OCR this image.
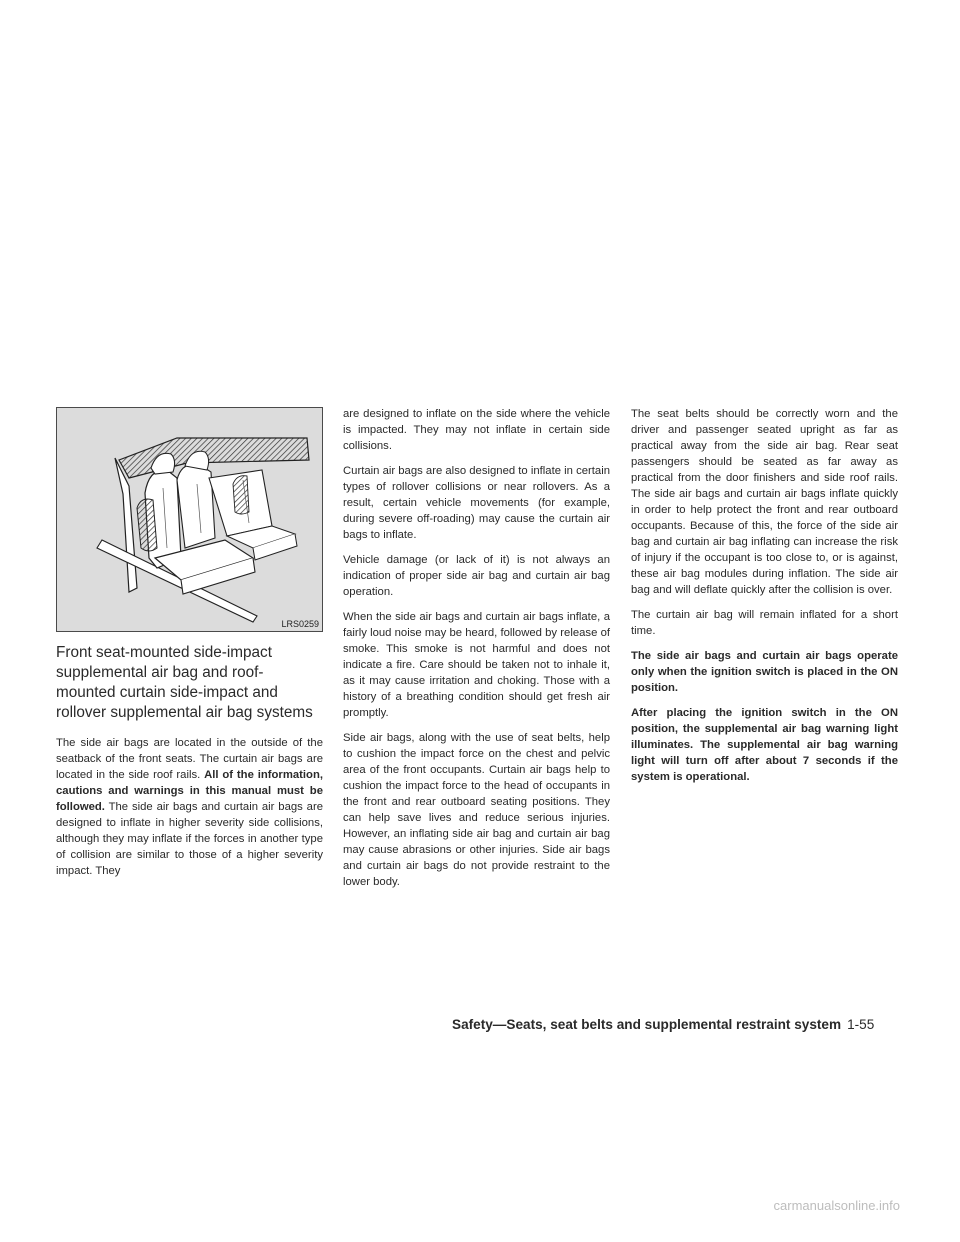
LRS0259
Front seat-mounted side-impact supplemental air bag and roof-mounted curtain side-impact and rollover supplemental air bag systems

The side air bags are located in the outside of the seatback of the front seats. The curtain air bags are located in the side roof rails. All of the information, cautions and warnings in this manual must be followed. The side air bags and curtain air bags are designed to inflate in higher severity side collisions, although they may inflate if the forces in another type of collision are similar to those of a higher severity impact. They

are designed to inflate on the side where the vehicle is impacted. They may not inflate in certain side collisions.

Curtain air bags are also designed to inflate in certain types of rollover collisions or near rollovers. As a result, certain vehicle movements (for example, during severe off-roading) may cause the curtain air bags to inflate.

Vehicle damage (or lack of it) is not always an indication of proper side air bag and curtain air bag operation.

When the side air bags and curtain air bags inflate, a fairly loud noise may be heard, followed by release of smoke. This smoke is not harmful and does not indicate a fire. Care should be taken not to inhale it, as it may cause irritation and choking. Those with a history of a breathing condition should get fresh air promptly.

Side air bags, along with the use of seat belts, help to cushion the impact force on the chest and pelvic area of the front occupants. Curtain air bags help to cushion the impact force to the head of occupants in the front and rear outboard seating positions. They can help save lives and reduce serious injuries. However, an inflating side air bag and curtain air bag may cause abrasions or other injuries. Side air bags and curtain air bags do not provide restraint to the lower body.

The seat belts should be correctly worn and the driver and passenger seated upright as far as practical away from the side air bag. Rear seat passengers should be seated as far away as practical from the door finishers and side roof rails. The side air bags and curtain air bags inflate quickly in order to help protect the front and rear outboard occupants. Because of this, the force of the side air bag and curtain air bag inflating can increase the risk of injury if the occupant is too close to, or is against, these air bag modules during inflation. The side air bag and will deflate quickly after the collision is over.

The curtain air bag will remain inflated for a short time.

The side air bags and curtain air bags operate only when the ignition switch is placed in the ON position.

After placing the ignition switch in the ON position, the supplemental air bag warning light illuminates. The supplemental air bag warning light will turn off after about 7 seconds if the system is operational.

Safety—Seats, seat belts and supplemental restraint system 1-55
carmanualsonline.info
